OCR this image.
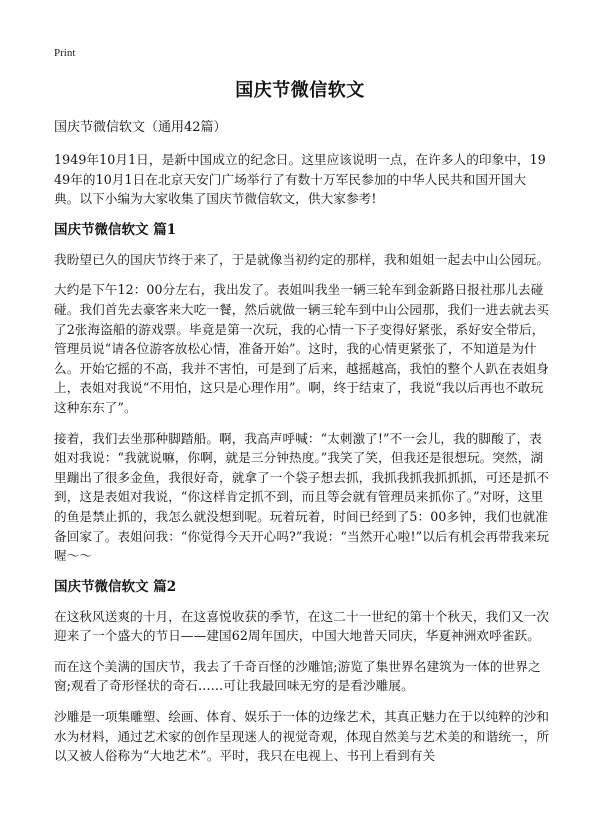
Print
国庆节微信软文

国庆节微信软文（通用42篇）

1949年10月1日，是新中国成立的纪念日。这里应该说明一点，在许多人的印象中，1949年的10月1日在北京天安门广场举行了有数十万军民参加的中华人民共和国开国大典。以下小编为大家收集了国庆节微信软文，供大家参考!

国庆节微信软文 篇1

我盼望已久的国庆节终于来了，于是就像当初约定的那样，我和姐姐一起去中山公园玩。

大约是下午12：00分左右，我出发了。表姐叫我坐一辆三轮车到金新路日报社那儿去碰碰。我们首先去豪客来大吃一餐，然后就做一辆三轮车到中山公园那，我们一进去就去买了2张海盗船的游戏票。毕竟是第一次玩，我的心情一下子变得好紧张，系好安全带后，管理员说“请各位游客放松心情，准备开始”。这时，我的心情更紧张了，不知道是为什么。开始它摇的不高，我并不害怕，可是到了后来，越摇越高，我怕的整个人趴在表姐身上，表姐对我说“不用怕，这只是心理作用”。啊，终于结束了，我说“我以后再也不敢玩这种东东了”。

接着，我们去坐那种脚踏船。啊，我高声呼喊：“太刺激了!”不一会儿，我的脚酸了，表姐对我说：“我就说嘛，你啊，就是三分钟热度。”我笑了笑，但我还是很想玩。突然，湖里蹦出了很多金鱼，我很好奇，就拿了一个袋子想去抓，我抓我抓我抓抓抓，可还是抓不到，这是表姐对我说，“你这样肯定抓不到，而且等会就有管理员来抓你了。”对呀，这里的鱼是禁止抓的，我怎么就没想到呢。玩着玩着，时间已经到了5：00多钟，我们也就准备回家了。表姐问我：“你觉得今天开心吗?”我说：“当然开心啦!”以后有机会再带我来玩喔～～

国庆节微信软文 篇2

在这秋风送爽的十月，在这喜悦收获的季节，在这二十一世纪的第十个秋天，我们又一次迎来了一个盛大的节日——建国62周年国庆，中国大地普天同庆，华夏神洲欢呼雀跃。

而在这个美满的国庆节，我去了千奇百怪的沙雕馆;游览了集世界名建筑为一体的世界之窗;观看了奇形怪状的奇石……可让我最回味无穷的是看沙雕展。

沙雕是一项集雕塑、绘画、体育、娱乐于一体的边缘艺术，其真正魅力在于以纯粹的沙和水为材料，通过艺术家的创作呈现迷人的视觉奇观，体现自然美与艺术美的和谐统一，所以又被人俗称为“大地艺术”。平时，我只在电视上、书刊上看到有关
